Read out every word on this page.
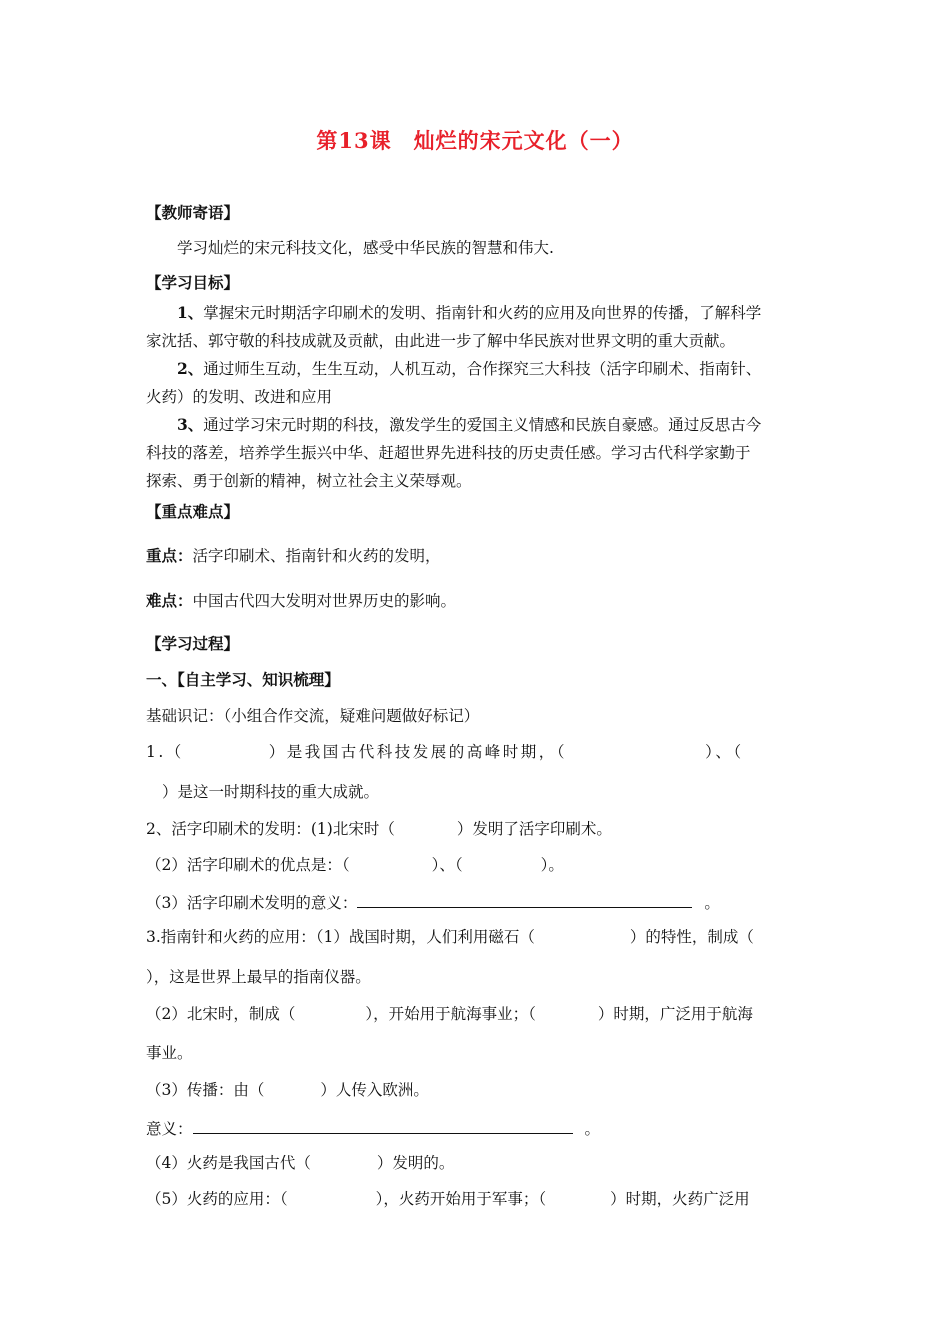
第13课　灿烂的宋元文化（一）
【教师寄语】
学习灿烂的宋元科技文化，感受中华民族的智慧和伟大.
【学习目标】
1、掌握宋元时期活字印刷术的发明、指南针和火药的应用及向世界的传播，了解科学
家沈括、郭守敬的科技成就及贡献，由此进一步了解中华民族对世界文明的重大贡献。
2、通过师生互动，生生互动，人机互动，合作探究三大科技（活字印刷术、指南针、
火药）的发明、改进和应用
3、通过学习宋元时期的科技，激发学生的爱国主义情感和民族自豪感。通过反思古今
科技的落差，培养学生振兴中华、赶超世界先进科技的历史责任感。学习古代科学家勤于
探索、勇于创新的精神，树立社会主义荣辱观。
【重点难点】
重点：活字印刷术、指南针和火药的发明，
难点：中国古代四大发明对世界历史的影响。
【学习过程】
一、【自主学习、知识梳理】
基础识记：（小组合作交流，疑难问题做好标记）
1.（	）是我国古代科技发展的高峰时期，（	）、（
）是这一时期科技的重大成就。
2、活字印刷术的发明：(1)北宋时（	）发明了活字印刷术。
（2）活字印刷术的优点是：（	）、（	）。
（3）活字印刷术发明的意义：	。
3.指南针和火药的应用：（1）战国时期，人们利用磁石（	）的特性，制成（
），这是世界上最早的指南仪器。
（2）北宋时，制成（	），开始用于航海事业；（	）时期，广泛用于航海
事业。
（3）传播：由（	）人传入欧洲。
意义：	。
（4）火药是我国古代（	）发明的。
（5）火药的应用：（	），火药开始用于军事；（	）时期，火药广泛用
